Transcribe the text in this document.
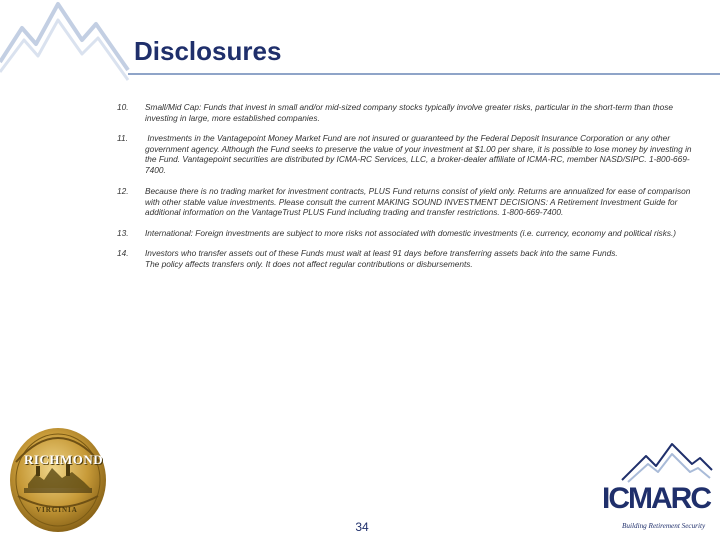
Disclosures
10.	Small/Mid Cap: Funds that invest in small and/or mid-sized company stocks typically involve greater risks, particular in the short-term than those investing in large, more established companies.

11.	Investments in the Vantagepoint Money Market Fund are not insured or guaranteed by the Federal Deposit Insurance Corporation or any other government agency. Although the Fund seeks to preserve the value of your investment at $1.00 per share, it is possible to lose money by investing in the Fund. Vantagepoint securities are distributed by ICMA-RC Services, LLC, a broker-dealer affiliate of ICMA-RC, member NASD/SIPC. 1-800-669-7400.

12.	Because there is no trading market for investment contracts, PLUS Fund returns consist of yield only. Returns are annualized for ease of comparison with other stable value investments. Please consult the current MAKING SOUND INVESTMENT DECISIONS: A Retirement Investment Guide for additional information on the VantageTrust PLUS Fund including trading and transfer restrictions. 1-800-669-7400.

13.	International: Foreign investments are subject to more risks not associated with domestic investments (i.e. currency, economy and political risks.)

14.	Investors who transfer assets out of these Funds must wait at least 91 days before transferring assets back into the same Funds.

The policy affects transfers only. It does not affect regular contributions or disbursements.

RICHMOND
VIRGINIA
34
ICMARC
Building Retirement Security
